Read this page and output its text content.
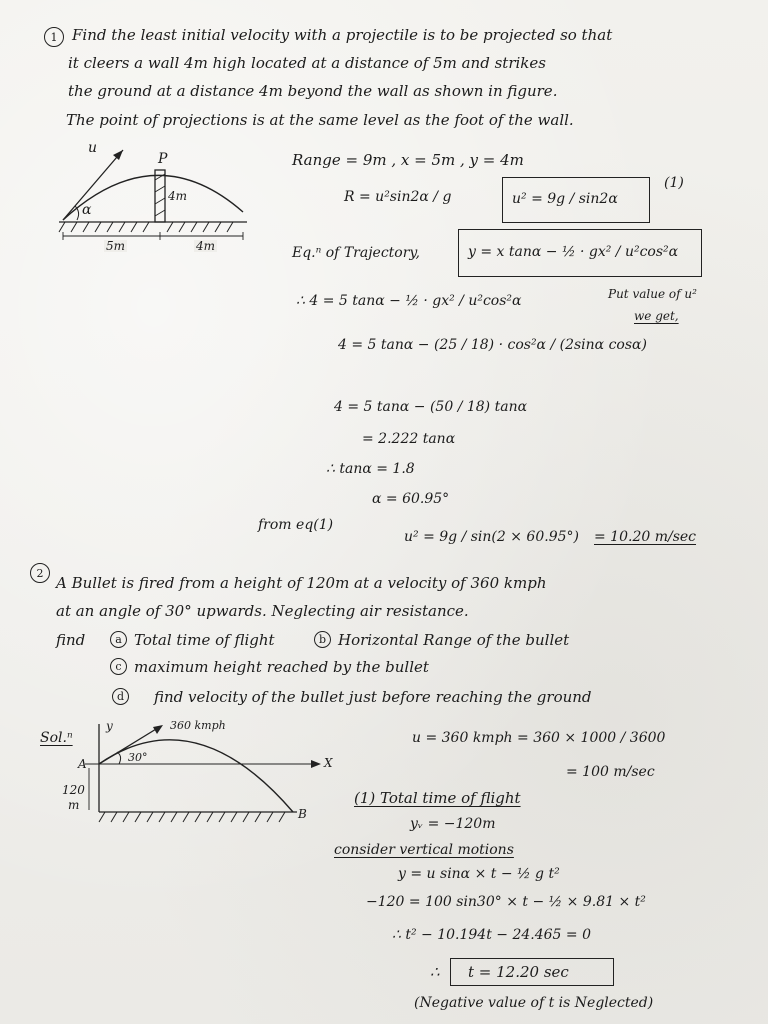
1 Find the least initial velocity with a projectile is to be projected so that
it cleers a wall 4m high located at a distance of 5m and strikes
the ground at a distance 4m beyond the wall as shown in figure.
The point of projections is at the same level as the foot of the wall.
u
P
α
4m
5m	4m
Range = 9m , x = 5m , y = 4m
R = u²sin2α / g	u² = 9g / sin2α
(1)
Eq.ⁿ of Trajectory,	y = x tanα − ½ · gx² / u²cos²α
∴ 4 = 5 tanα − ½ · gx² / u²cos²α	Put value of u²
we get,
4 = 5 tanα − (25 / 18) · cos²α / (2sinα cosα)
4 = 5 tanα − (50 / 18) tanα
= 2.222 tanα
∴ tanα = 1.8
α = 60.95°
from eq(1)
u² = 9g / sin(2 × 60.95°) = 10.20 m/sec
2
A Bullet is fired from a height of 120m at a velocity of 360 kmph
at an angle of 30° upwards. Neglecting air resistance.
find	a Total time of flight	b Horizontal Range of the bullet
c maximum height reached by the bullet
d	find velocity of the bullet just before reaching the ground
Sol.ⁿ
y	360 kmph
30°	X
A
B
120
m
u = 360 kmph = 360 × 1000 / 3600
= 100 m/sec
(1) Total time of flight
yᵥ = −120m
consider vertical motions
y = u sinα × t − ½ g t²
−120 = 100 sin30° × t − ½ × 9.81 × t²
∴ t² − 10.194t − 24.465 = 0
∴ t = 12.20 sec
(Negative value of t is Neglected)
